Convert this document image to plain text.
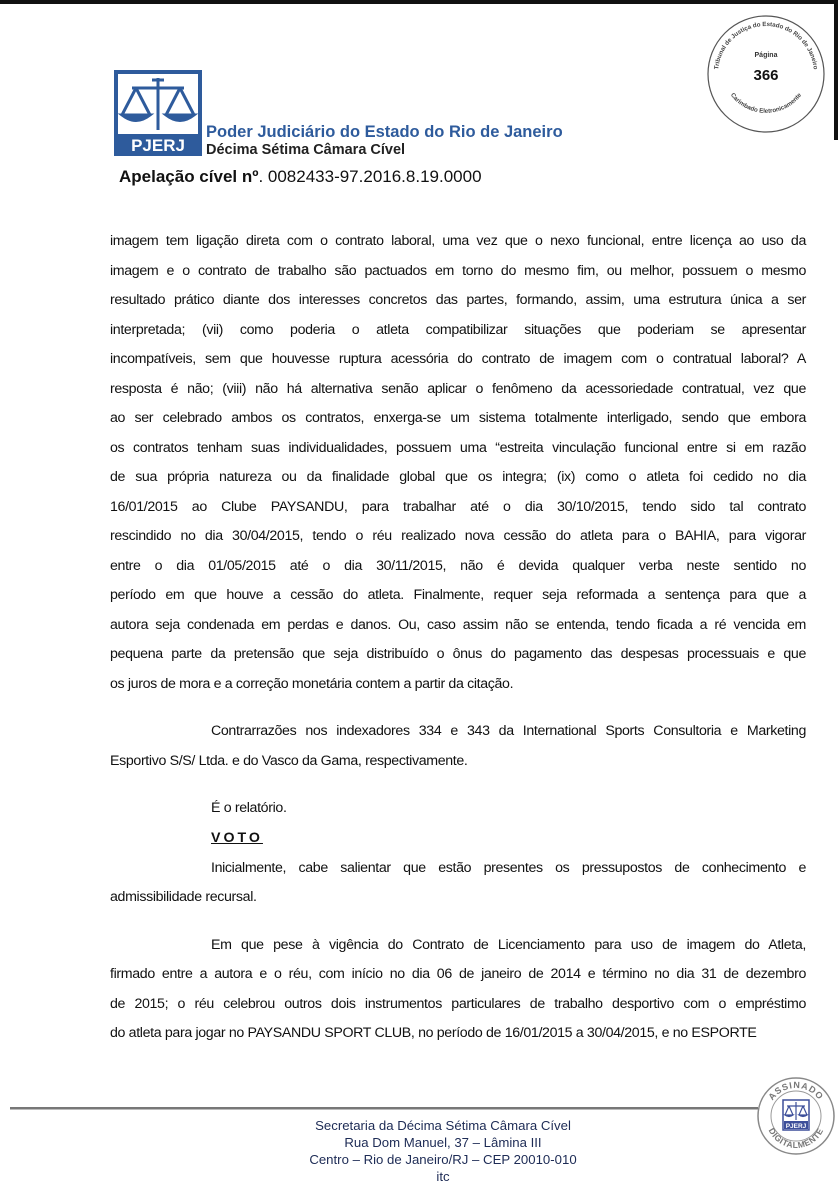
PJERJ
Poder Judiciário do Estado do Rio de Janeiro
Décima Sétima Câmara Cível
Apelação cível nº. 0082433-97.2016.8.19.0000
Tribunal de Justiça do Estado do Rio de Janeiro
Página
366
Carimbado Eletronicamente
imagem tem ligação direta com o contrato laboral, uma vez que o nexo funcional, entre licença ao uso da
imagem e o contrato de trabalho são pactuados em torno do mesmo fim, ou melhor, possuem o mesmo
resultado prático diante dos interesses concretos das partes, formando, assim, uma estrutura única a ser
interpretada; (vii) como poderia o atleta compatibilizar situações que poderiam se apresentar
incompatíveis, sem que houvesse ruptura acessória do contrato de imagem com o contratual laboral? A
resposta é não; (viii) não há alternativa senão aplicar o fenômeno da acessoriedade contratual, vez que
ao ser celebrado ambos os contratos, enxerga-se um sistema totalmente interligado, sendo que embora
os contratos tenham suas individualidades, possuem uma “estreita vinculação funcional entre si em razão
de sua própria natureza ou da finalidade global que os integra; (ix) como o atleta foi cedido no dia
16/01/2015 ao Clube PAYSANDU, para trabalhar até o dia 30/10/2015, tendo sido tal contrato
rescindido no dia 30/04/2015, tendo o réu realizado nova cessão do atleta para o BAHIA, para vigorar
entre o dia 01/05/2015 até o dia 30/11/2015, não é devida qualquer verba neste sentido no
período em que houve a cessão do atleta. Finalmente, requer seja reformada a sentença para que a
autora seja condenada em perdas e danos. Ou, caso assim não se entenda, tendo ficada a ré vencida em
pequena parte da pretensão que seja distribuído o ônus do pagamento das despesas processuais e que
os juros de mora e a correção monetária contem a partir da citação.
Contrarrazões nos indexadores 334 e 343 da International Sports Consultoria e Marketing
Esportivo S/S/ Ltda. e do Vasco da Gama, respectivamente.
É o relatório.
VOTO
Inicialmente, cabe salientar que estão presentes os pressupostos de conhecimento e
admissibilidade recursal.
Em que pese à vigência do Contrato de Licenciamento para uso de imagem do Atleta,
firmado entre a autora e o réu, com início no dia 06 de janeiro de 2014 e término no dia 31 de dezembro
de 2015; o réu celebrou outros dois instrumentos particulares de trabalho desportivo com o empréstimo
do atleta para jogar no PAYSANDU SPORT CLUB, no período de 16/01/2015 a 30/04/2015, e no ESPORTE
Secretaria da Décima Sétima Câmara Cível
Rua Dom Manuel, 37 – Lâmina III
Centro – Rio de Janeiro/RJ – CEP 20010-010
itc
ASSINADO
DIGITALMENTE
PJERJ
